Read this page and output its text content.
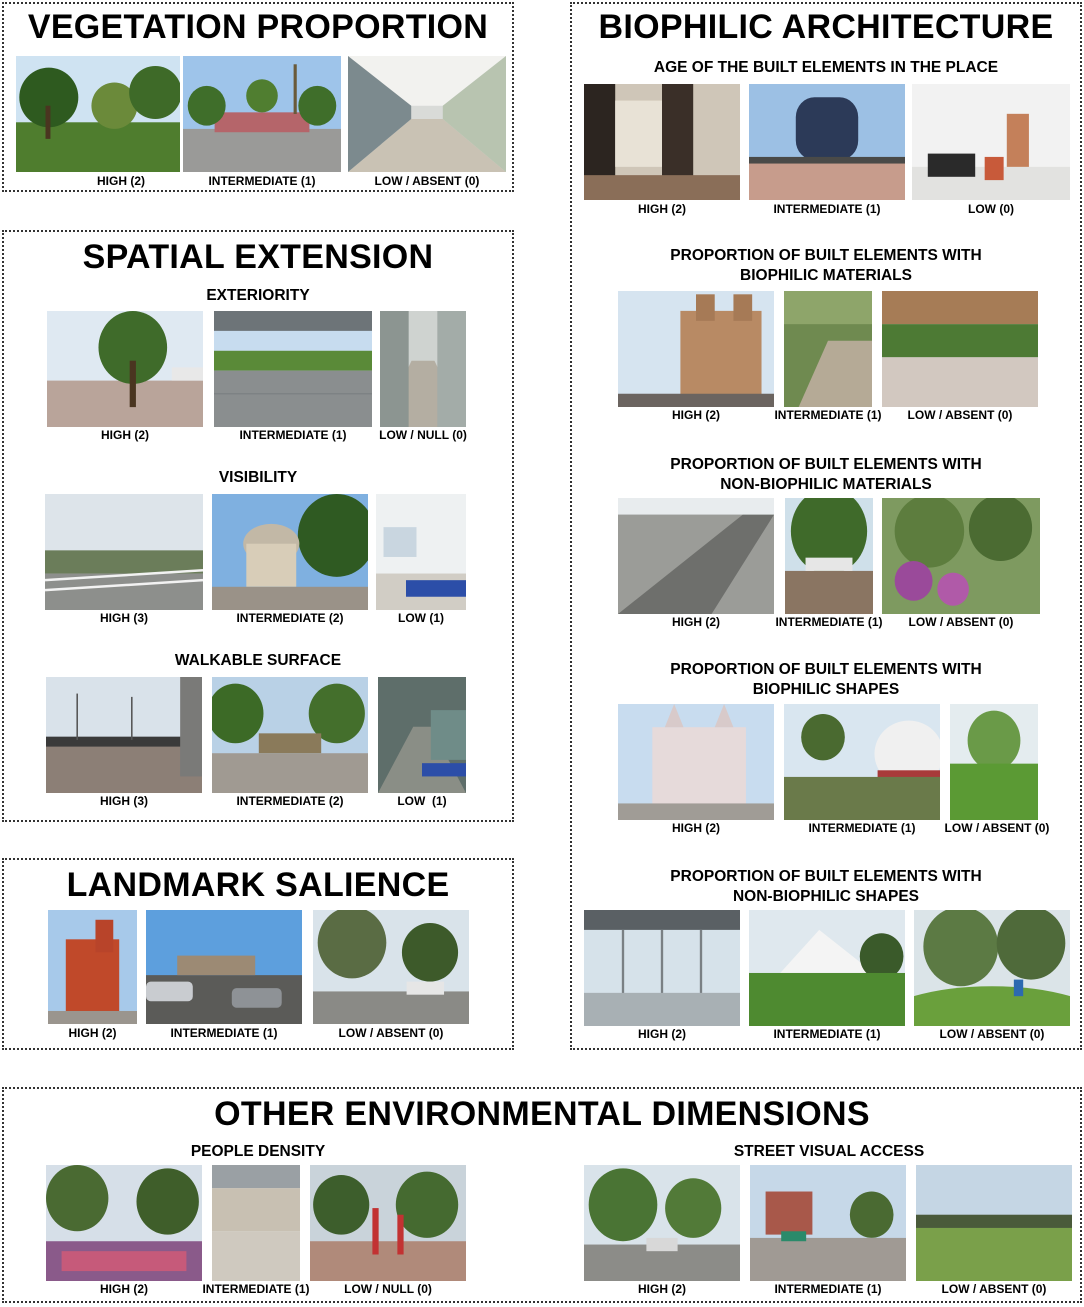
VEGETATION PROPORTION
HIGH (2)	INTERMEDIATE (1)	LOW / ABSENT (0)
SPATIAL EXTENSION
EXTERIORITY
HIGH (2)	INTERMEDIATE (1)	LOW / NULL (0)
VISIBILITY
HIGH (3)	INTERMEDIATE (2)	LOW (1)
WALKABLE SURFACE
HIGH (3)	INTERMEDIATE (2)	LOW  (1)
LANDMARK SALIENCE
HIGH (2)	INTERMEDIATE (1)	LOW / ABSENT (0)
BIOPHILIC ARCHITECTURE
AGE OF THE BUILT ELEMENTS IN THE PLACE
HIGH (2)	INTERMEDIATE (1)	LOW (0)
PROPORTION OF BUILT ELEMENTS WITH
BIOPHILIC MATERIALS
HIGH (2)	INTERMEDIATE (1)	LOW / ABSENT (0)
PROPORTION OF BUILT ELEMENTS WITH
NON-BIOPHILIC MATERIALS
HIGH (2)	INTERMEDIATE (1)	LOW / ABSENT (0)
PROPORTION OF BUILT ELEMENTS WITH
BIOPHILIC SHAPES
HIGH (2)	INTERMEDIATE (1)	LOW / ABSENT (0)
PROPORTION OF BUILT ELEMENTS WITH
NON-BIOPHILIC SHAPES
HIGH (2)	INTERMEDIATE (1)	LOW / ABSENT (0)
OTHER ENVIRONMENTAL DIMENSIONS
PEOPLE DENSITY
HIGH (2)	INTERMEDIATE (1)	LOW / NULL (0)
STREET VISUAL ACCESS
HIGH (2)	INTERMEDIATE (1)	LOW / ABSENT (0)
